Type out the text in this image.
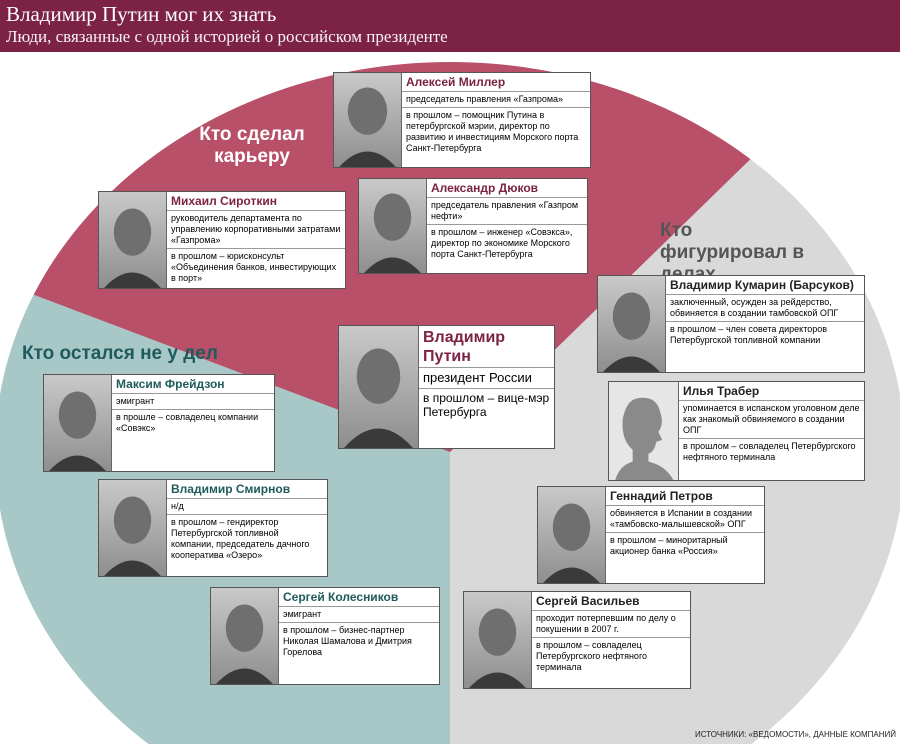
Владимир Путин мог их знать
Люди, связанные с одной историей о российском президенте
Кто сделал карьеру
Кто фигурировал в
Кто остался не у дел
Алексей Миллер
председатель правления «Газпрома»
в прошлом – помощник Путина в петербургской мэрии, директор по развитию и инвестициям Морского порта Санкт-Петербурга
Михаил Сироткин
руководитель департамента по управлению корпоративными затратами «Газпрома»
в прошлом – юрисконсульт «Объединения банков, инвестирующих в порт»
Александр Дюков
председатель правления «Газпром нефти»
в прошлом – инженер «Совэкса», директор по экономике Морского порта Санкт-Петербурга
Владимир Путин
президент России
в прошлом – вице-мэр Петербурга
Владимир Кумарин (Барсуков)
заключенный, осужден за рейдерство, обвиняется в создании тамбовской ОПГ
в прошлом – член совета директоров Петербургской топливной компании
Илья Трабер
упоминается в испанском уголовном деле как знакомый обвиняемого в создании ОПГ
в прошлом – совладелец Петербургского нефтяного терминала
Геннадий Петров
обвиняется в Испании в создании «тамбовско-малышевской» ОПГ
в прошлом – миноритарный акционер банка «Россия»
Сергей Васильев
проходит потерпевшим по делу о покушении в 2007 г.
в прошлом – совладелец Петербургского нефтяного терминала
Максим Фрейдзон
эмигрант
в прошле – совладелец компании «Совэкс»
Владимир Смирнов
н/д
в прошлом – гендиректор Петербургской топливной компании, председатель дачного кооператива «Озеро»
Сергей Колесников
эмигрант
в прошлом – бизнес-партнер Николая Шамалова и Дмитрия Горелова
ИСТОЧНИКИ: «ВЕДОМОСТИ», ДАННЫЕ КОМПАНИЙ
